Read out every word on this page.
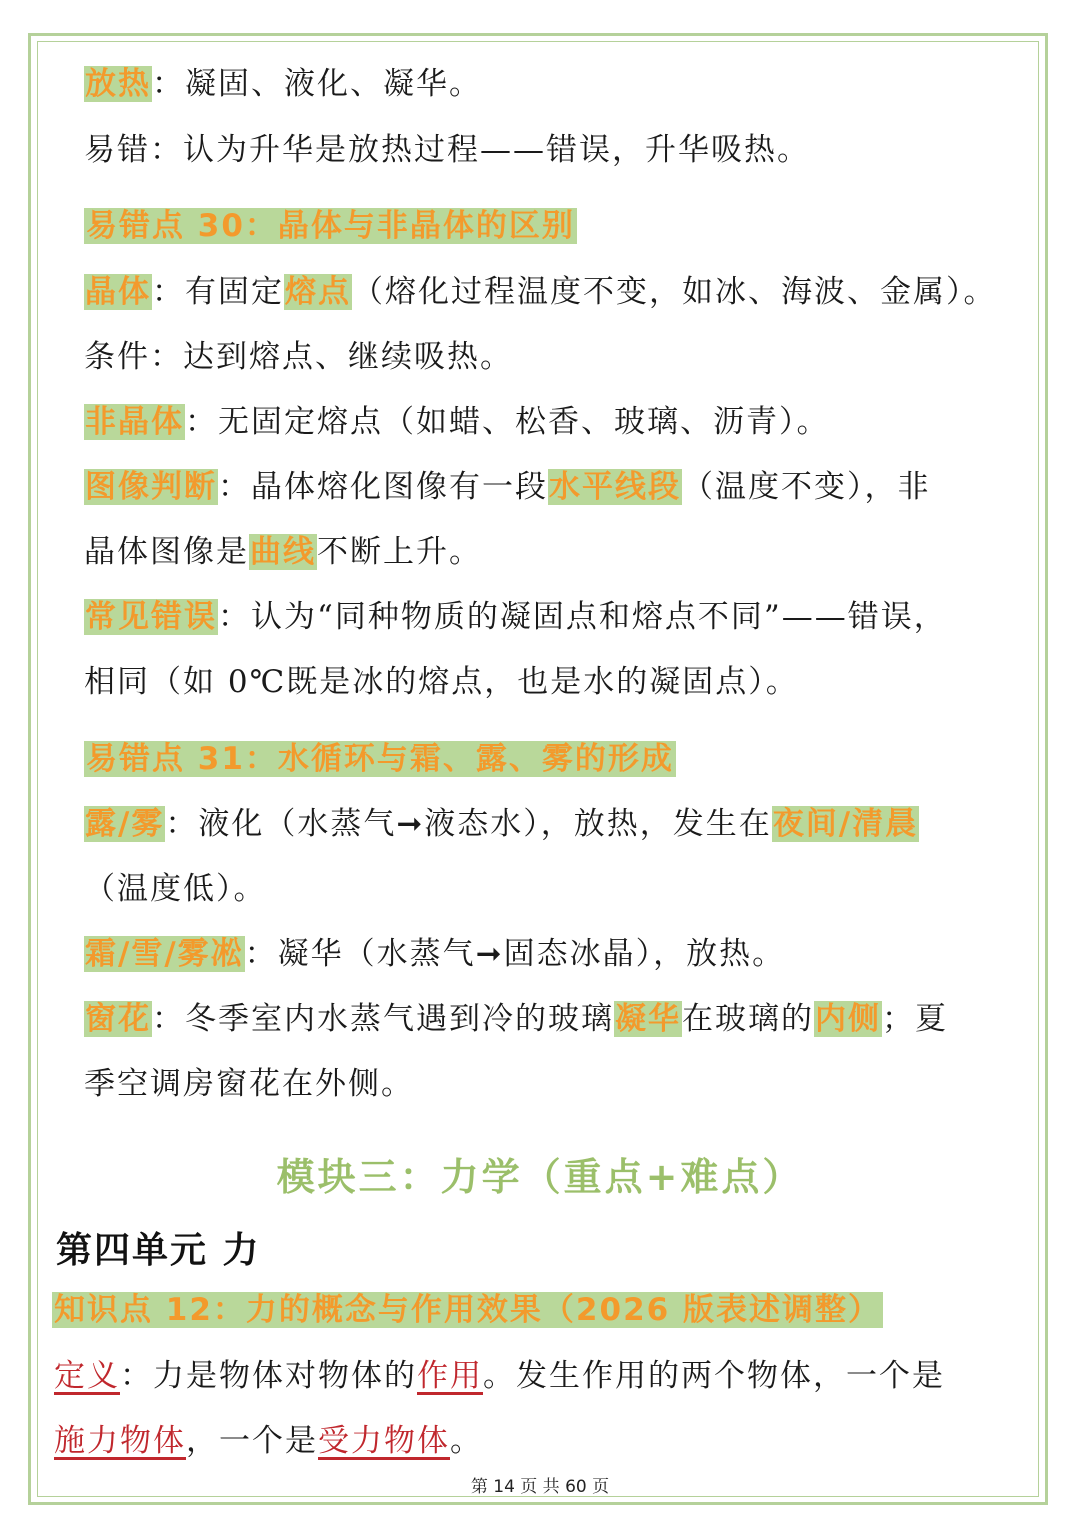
放热：凝固、液化、凝华。
易错：认为升华是放热过程——错误，升华吸热。
易错点 30：晶体与非晶体的区别
晶体：有固定熔点（熔化过程温度不变，如冰、海波、金属）。
条件：达到熔点、继续吸热。
非晶体：无固定熔点（如蜡、松香、玻璃、沥青）。
图像判断：晶体熔化图像有一段水平线段（温度不变），非
晶体图像是曲线不断上升。
常见错误：认为“同种物质的凝固点和熔点不同”——错误，
相同（如 0℃既是冰的熔点，也是水的凝固点）。
易错点 31：水循环与霜、露、雾的形成
露/雾：液化（水蒸气➞液态水），放热，发生在夜间/清晨
（温度低）。
霜/雪/雾凇：凝华（水蒸气➞固态冰晶），放热。
窗花：冬季室内水蒸气遇到冷的玻璃凝华在玻璃的内侧；夏
季空调房窗花在外侧。
模块三：力学（重点+难点）
第四单元 力
知识点 12：力的概念与作用效果（2026 版表述调整）
定义：力是物体对物体的作用。发生作用的两个物体，一个是
施力物体，一个是受力物体。
第 14 页 共 60 页
